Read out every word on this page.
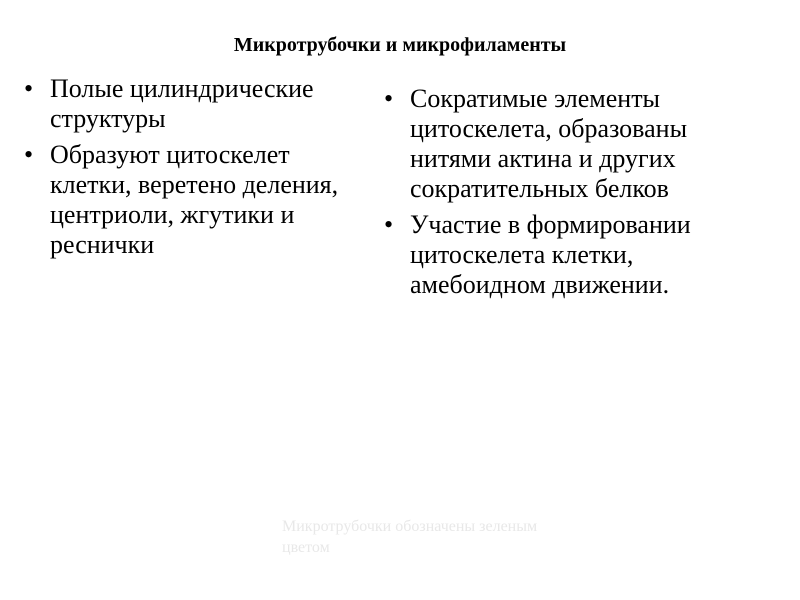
Микротрубочки и микрофиламенты
• Полые цилиндрические структуры
• Образуют цитоскелет клетки, веретено деления, центриоли, жгутики и реснички
• Сократимые элементы цитоскелета, образованы нитями актина и других сократительных белков
• Участие в формировании цитоскелета клетки, амебоидном движении.
Микротрубочки обозначены зеленым цветом
